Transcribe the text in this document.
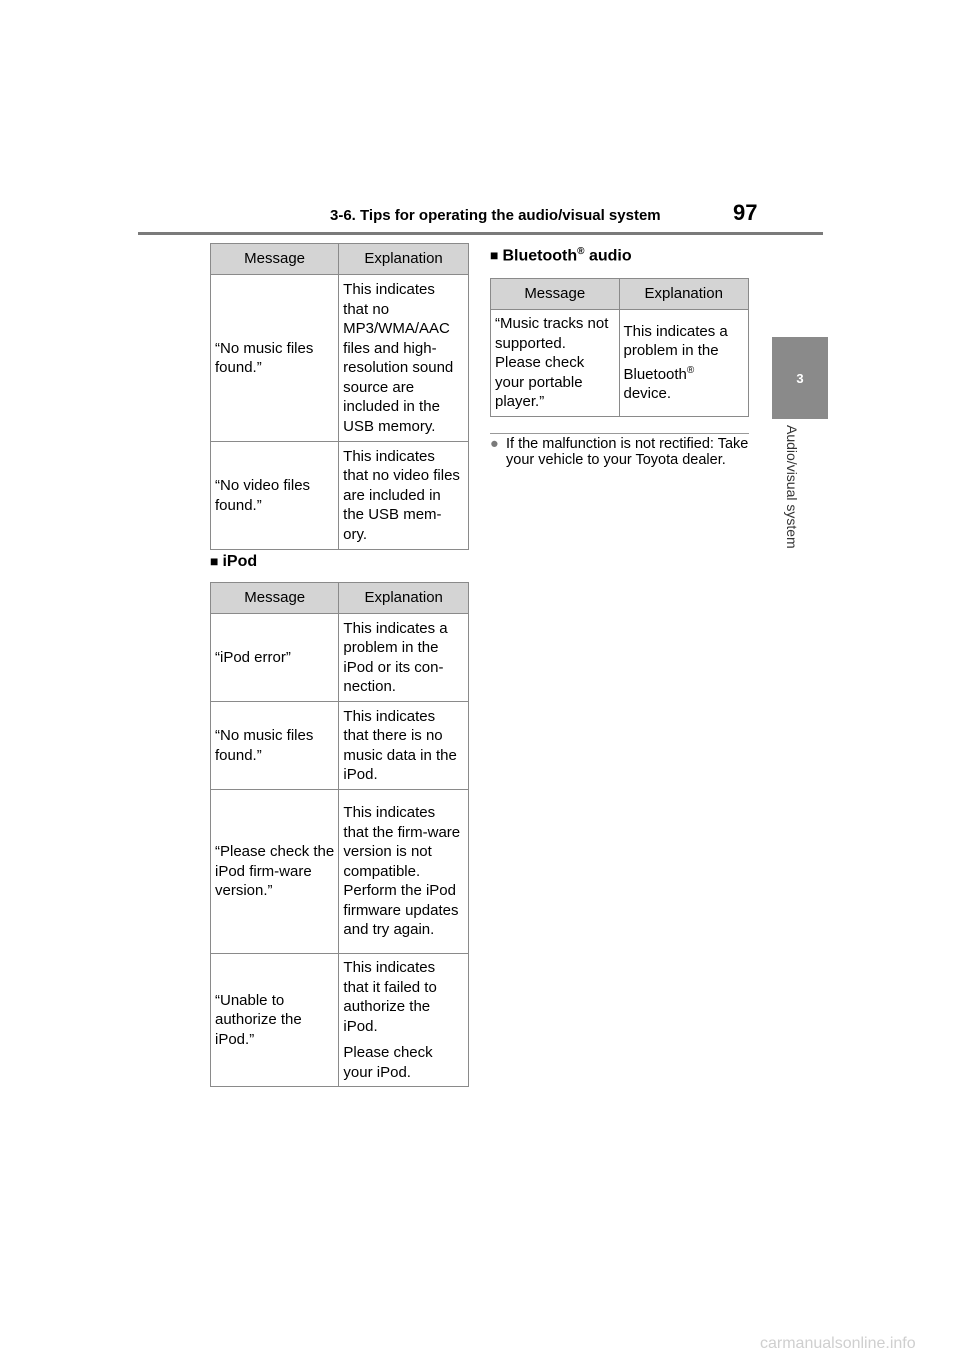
3-6. Tips for operating the audio/visual system	97
3
Audio/visual system
Message	Explanation

“No music files found.”	This indicates that no MP3/WMA/AAC files and high-resolution sound source are included in the USB memory.

“No video files found.”	This indicates that no video files are included in the USB mem-ory.

■ iPod
Message	Explanation

“iPod error”	This indicates a problem in the iPod or its con-nection.

“No music files found.”	This indicates that there is no music data in the iPod.

“Please check the iPod firm-ware version.”	This indicates that the firm-ware version is not compatible. Perform the iPod firmware updates and try again.

“Unable to authorize the iPod.”	This indicates that it failed to authorize the iPod.

Please check your iPod.

■ Bluetooth® audio
Message	Explanation

“Music tracks not supported. Please check your portable player.”	This indicates a problem in the Bluetooth® device.

● If the malfunction is not rectified: Take your vehicle to your Toyota dealer.
carmanualsonline.info
